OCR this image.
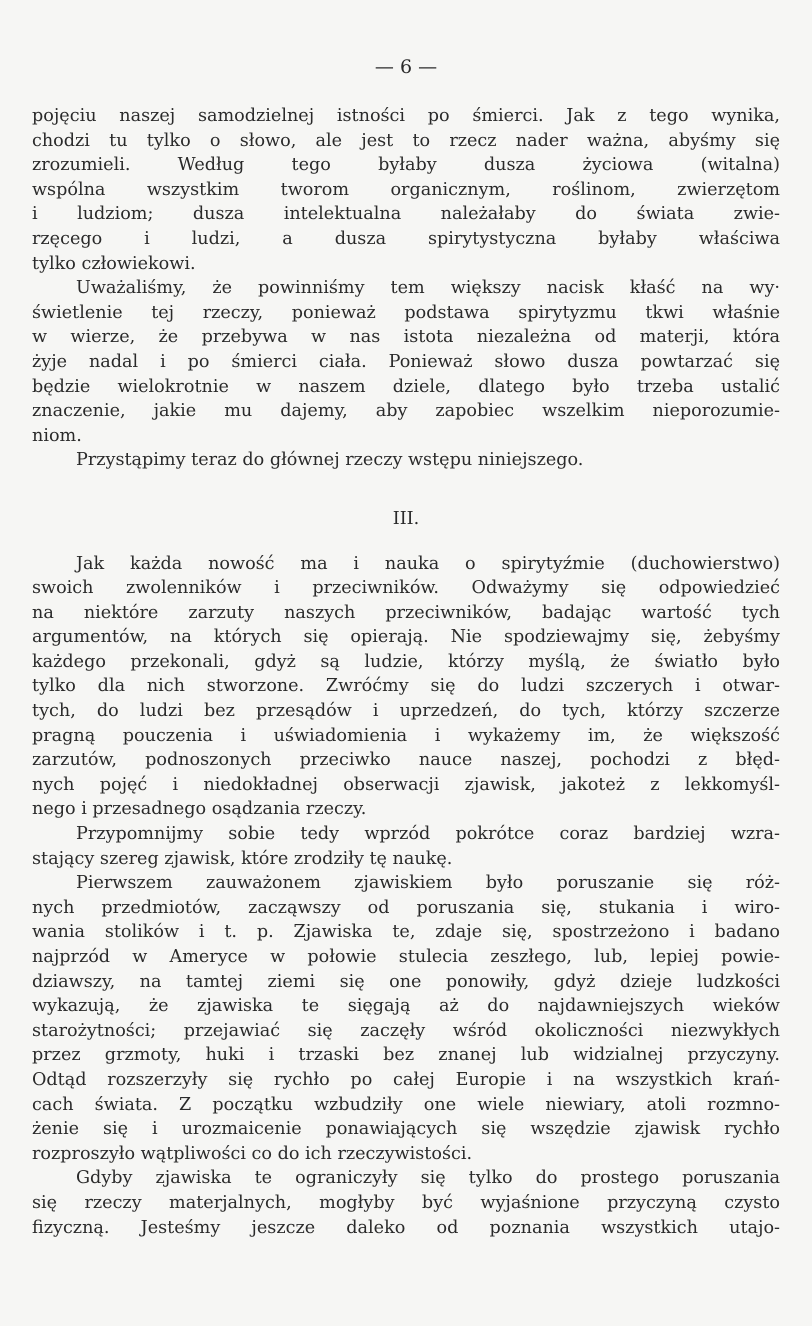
— 6 —

pojęciu naszej samodzielnej istności po śmierci. Jak z tego wynika,
chodzi tu tylko o słowo, ale jest to rzecz nader ważna, abyśmy się
zrozumieli. Według tego byłaby dusza życiowa (witalna)
wspólna wszystkim tworom organicznym, roślinom, zwierzętom
i ludziom; dusza intelektualna należałaby do świata zwie-
rzęcego i ludzi, a dusza spirytystyczna byłaby właściwa
tylko człowiekowi.

Uważaliśmy, że powinniśmy tem większy nacisk kłaść na wy·
świetlenie tej rzeczy, ponieważ podstawa spirytyzmu tkwi właśnie
w wierze, że przebywa w nas istota niezależna od materji, która
żyje nadal i po śmierci ciała. Ponieważ słowo dusza powtarzać się
będzie wielokrotnie w naszem dziele, dlatego było trzeba ustalić
znaczenie, jakie mu dajemy, aby zapobiec wszelkim nieporozumie-
niom.

Przystąpimy teraz do głównej rzeczy wstępu niniejszego.

III.

Jak każda nowość ma i nauka o spirytyźmie (duchowierstwo)
swoich zwolenników i przeciwników. Odważymy się odpowiedzieć
na niektóre zarzuty naszych przeciwników, badając wartość tych
argumentów, na których się opierają. Nie spodziewajmy się, żebyśmy
każdego przekonali, gdyż są ludzie, którzy myślą, że światło było
tylko dla nich stworzone. Zwróćmy się do ludzi szczerych i otwar-
tych, do ludzi bez przesądów i uprzedzeń, do tych, którzy szczerze
pragną pouczenia i uświadomienia i wykażemy im, że większość
zarzutów, podnoszonych przeciwko nauce naszej, pochodzi z błęd-
nych pojęć i niedokładnej obserwacji zjawisk, jakoteż z lekkomyśl-
nego i przesadnego osądzania rzeczy.

Przypomnijmy sobie tedy wprzód pokrótce coraz bardziej wzra-
stający szereg zjawisk, które zrodziły tę naukę.

Pierwszem zauważonem zjawiskiem było poruszanie się róż-
nych przedmiotów, zacząwszy od poruszania się, stukania i wiro-
wania stolików i t. p. Zjawiska te, zdaje się, spostrzeżono i badano
najprzód w Ameryce w połowie stulecia zeszłego, lub, lepiej powie-
dziawszy, na tamtej ziemi się one ponowiły, gdyż dzieje ludzkości
wykazują, że zjawiska te sięgają aż do najdawniejszych wieków
starożytności; przejawiać się zaczęły wśród okoliczności niezwykłych
przez grzmoty, huki i trzaski bez znanej lub widzialnej przyczyny.
Odtąd rozszerzyły się rychło po całej Europie i na wszystkich krań-
cach świata. Z początku wzbudziły one wiele niewiary, atoli rozmno-
żenie się i urozmaicenie ponawiających się wszędzie zjawisk rychło
rozproszyło wątpliwości co do ich rzeczywistości.

Gdyby zjawiska te ograniczyły się tylko do prostego poruszania
się rzeczy materjalnych, mogłyby być wyjaśnione przyczyną czysto
fizyczną. Jesteśmy jeszcze daleko od poznania wszystkich utajo-
